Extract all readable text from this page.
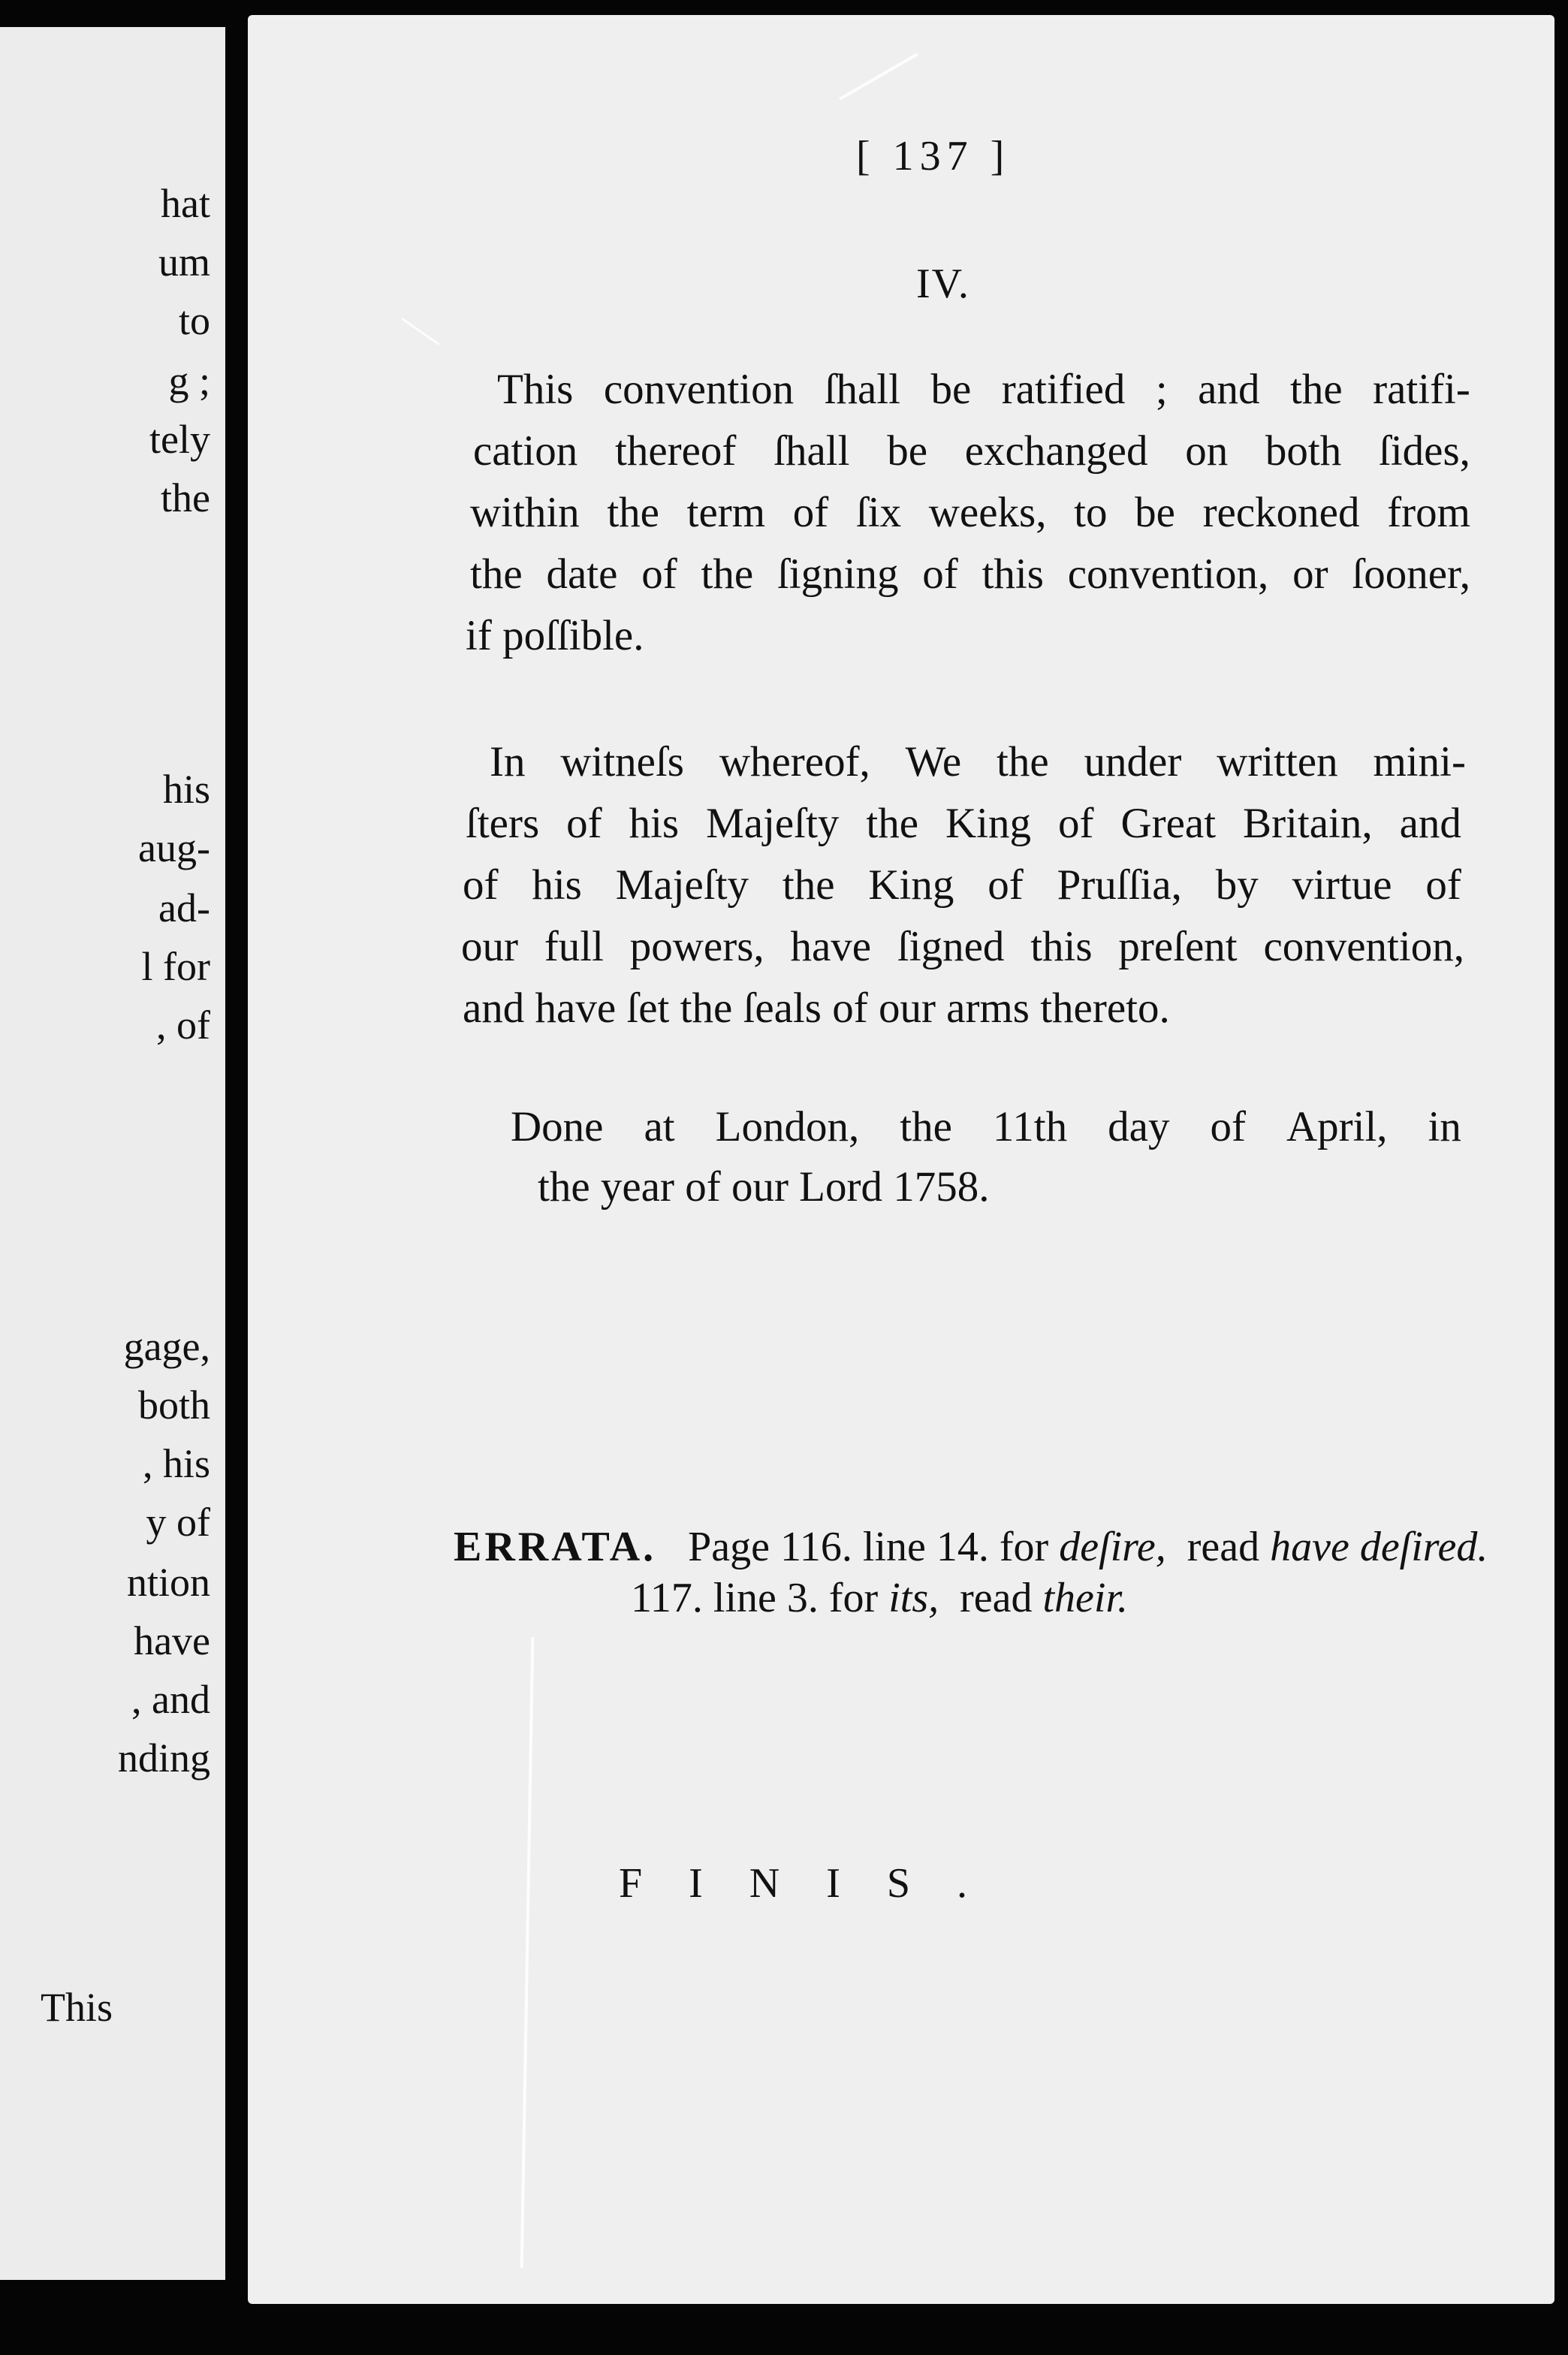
hat
um
to
g ;
tely
the
his
aug-
ad-
l for
, of
gage,
both
, his
y of
ntion
have
, and
nding
This
[ 137 ]
IV.
This convention ſhall be ratified ; and the ratifi-
cation thereof ſhall be exchanged on both ſides,
within the term of ſix weeks, to be reckoned from
the date of the ſigning of this convention, or ſooner,
if poſſible.
In witneſs whereof, We the under written mini-
ſters of his Majeſty the King of Great Britain, and
of his Majeſty the King of Pruſſia, by virtue of
our full powers, have ſigned this preſent convention,
and have ſet the ſeals of our arms thereto.
Done at London, the 11th day of April, in
the year of our Lord 1758.
ERRATA. Page 116. line 14. for deſire, read have deſired.
117. line 3. for its, read their.
FINIS.
